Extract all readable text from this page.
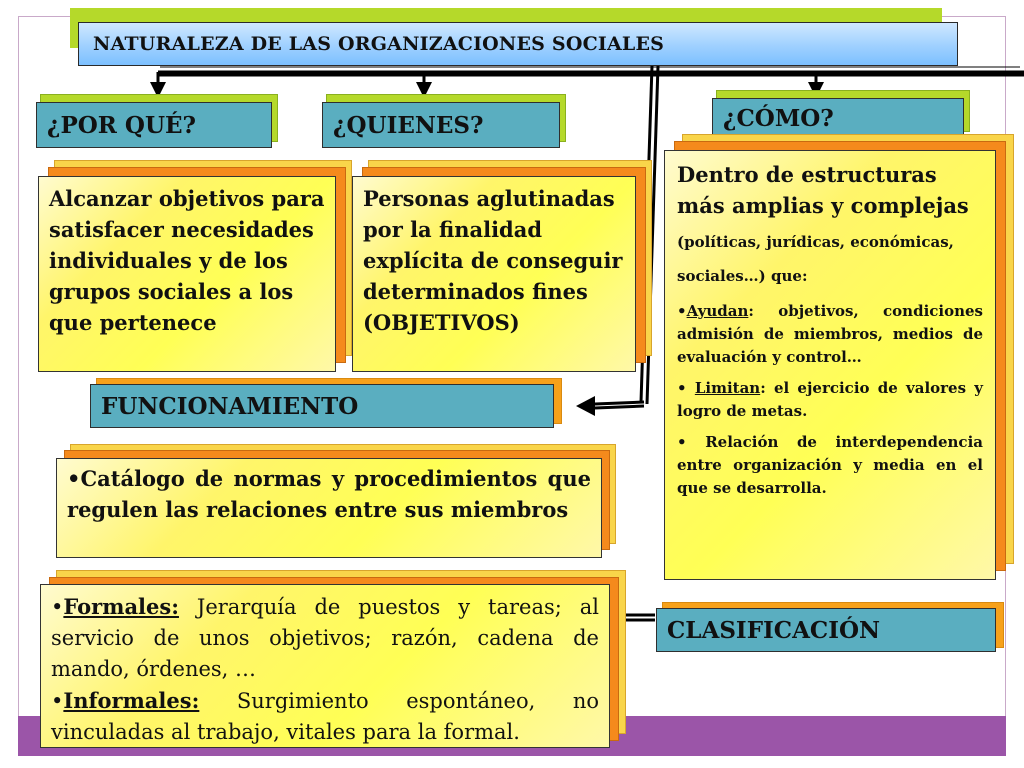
NATURALEZA DE LAS ORGANIZACIONES SOCIALES
¿POR QUÉ?	¿QUIENES?	¿CÓMO?
Alcanzar objetivos para satisfacer necesidades individuales y de los grupos sociales a los que pertenece
Personas aglutinadas por la finalidad explícita de conseguir determinados fines (OBJETIVOS)
Dentro de estructuras más amplias y complejas (políticas, jurídicas, económicas, sociales…) que:
•Ayudan: objetivos, condiciones admisión de miembros, medios de evaluación y control…
• Limitan: el ejercicio de valores y logro de metas.
• Relación de interdependencia entre organización y media en el que se desarrolla.
FUNCIONAMIENTO
•Catálogo de normas y procedimientos que regulen las relaciones entre sus miembros
CLASIFICACIÓN
•Formales: Jerarquía de puestos y tareas; al servicio de unos objetivos; razón, cadena de mando, órdenes, …
•Informales: Surgimiento espontáneo, no vinculadas al trabajo, vitales para la formal.
